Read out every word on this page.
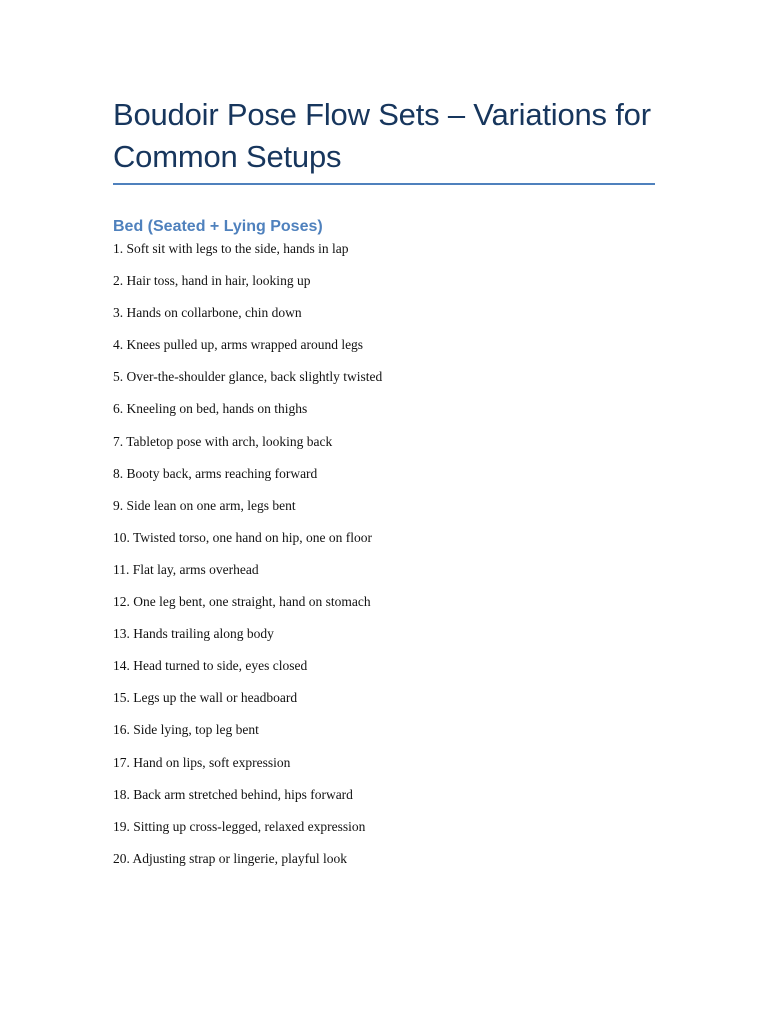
Boudoir Pose Flow Sets – Variations for Common Setups
Bed (Seated + Lying Poses)
1. Soft sit with legs to the side, hands in lap
2. Hair toss, hand in hair, looking up
3. Hands on collarbone, chin down
4. Knees pulled up, arms wrapped around legs
5. Over-the-shoulder glance, back slightly twisted
6. Kneeling on bed, hands on thighs
7. Tabletop pose with arch, looking back
8. Booty back, arms reaching forward
9. Side lean on one arm, legs bent
10. Twisted torso, one hand on hip, one on floor
11. Flat lay, arms overhead
12. One leg bent, one straight, hand on stomach
13. Hands trailing along body
14. Head turned to side, eyes closed
15. Legs up the wall or headboard
16. Side lying, top leg bent
17. Hand on lips, soft expression
18. Back arm stretched behind, hips forward
19. Sitting up cross-legged, relaxed expression
20. Adjusting strap or lingerie, playful look
